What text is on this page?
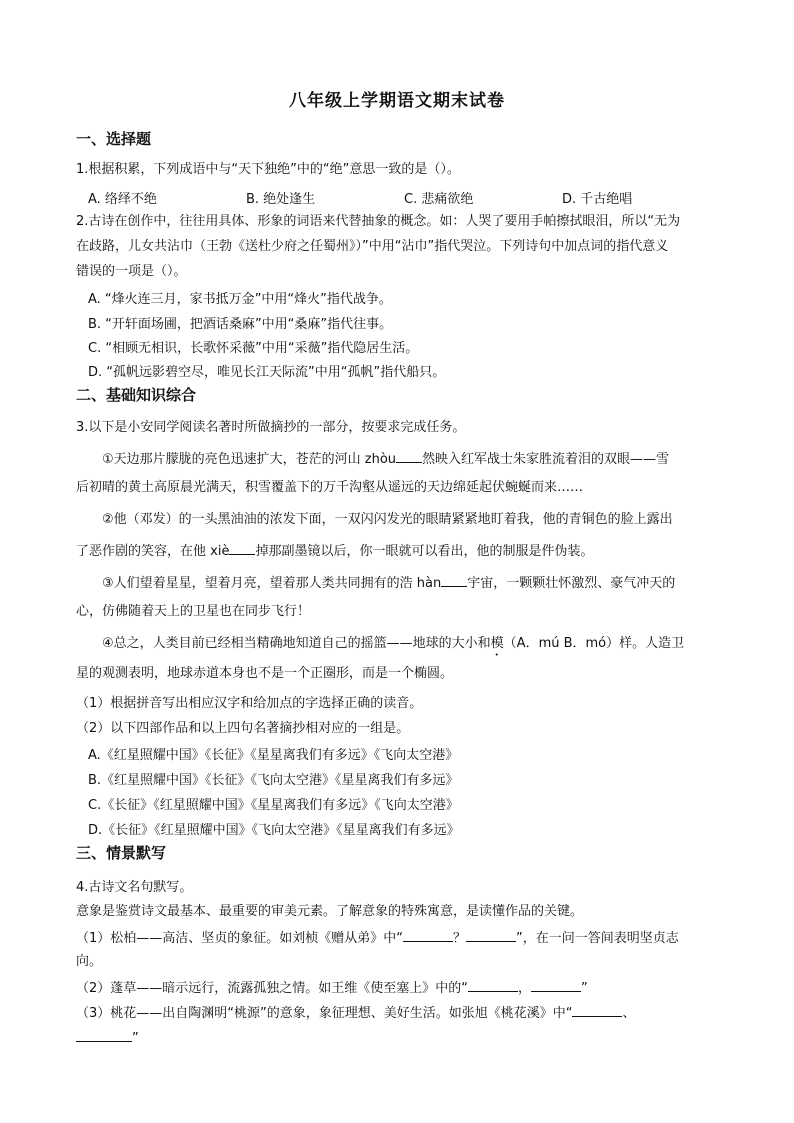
八年级上学期语文期末试卷
一、选择题
1.根据积累，下列成语中与“天下独绝”中的“绝”意思一致的是（）。
A. 络绎不绝	B. 绝处逢生	C. 悲痛欲绝	D. 千古绝唱
2.古诗在创作中，往往用具体、形象的词语来代替抽象的概念。如：人哭了要用手帕擦拭眼泪，所以“无为
在歧路，儿女共沾巾（王勃《送杜少府之任蜀州》）”中用“沾巾”指代哭泣。下列诗句中加点词的指代意义
错误的一项是（）。
A. “烽火连三月，家书抵万金”中用“烽火”指代战争。
B. “开轩面场圃，把酒话桑麻”中用“桑麻”指代往事。
C. “相顾无相识，长歌怀采薇”中用“采薇”指代隐居生活。
D. “孤帆远影碧空尽，唯见长江天际流”中用“孤帆”指代船只。
二、基础知识综合
3.以下是小安同学阅读名著时所做摘抄的一部分，按要求完成任务。
①天边那片朦胧的亮色迅速扩大，苍茫的河山 zhòu 然映入红军战士朱家胜流着泪的双眼——雪
后初晴的黄土高原晨光满天，积雪覆盖下的万千沟壑从遥远的天边绵延起伏蜿蜒而来……
②他（邓发）的一头黑油油的浓发下面，一双闪闪发光的眼睛紧紧地盯着我，他的青铜色的脸上露出
了恶作剧的笑容，在他 xiè 掉那副墨镜以后，你一眼就可以看出，他的制服是件伪装。
③人们望着星星，望着月亮，望着那人类共同拥有的浩 hàn 宇宙，一颗颗壮怀激烈、豪气冲天的
心，仿佛随着天上的卫星也在同步飞行！
④总之，人类目前已经相当精确地知道自己的摇篮——地球的大小和模（A．mú B．mó）样。人造卫
星的观测表明，地球赤道本身也不是一个正圈形，而是一个椭圆。
（1）根据拼音写出相应汉字和给加点的字选择正确的读音。
（2）以下四部作品和以上四句名著摘抄相对应的一组是。
A.《红星照耀中国》《长征》《星星离我们有多远》《飞向太空港》
B.《红星照耀中国》《长征》《飞向太空港》《星星离我们有多远》
C.《长征》《红星照耀中国》《星星离我们有多远》《飞向太空港》
D.《长征》《红星照耀中国》《飞向太空港》《星星离我们有多远》
三、情景默写
4.古诗文名句默写。
意象是鉴赏诗文最基本、最重要的审美元素。了解意象的特殊寓意，是读懂作品的关键。
（1）松柏——高洁、坚贞的象征。如刘桢《赠从弟》中“	？	”，在一问一答间表明坚贞志
向。
（2）蓬草——暗示远行，流露孤独之情。如王维《使至塞上》中的“	，	”
（3）桃花——出自陶渊明“桃源”的意象，象征理想、美好生活。如张旭《桃花溪》中“	、
”
